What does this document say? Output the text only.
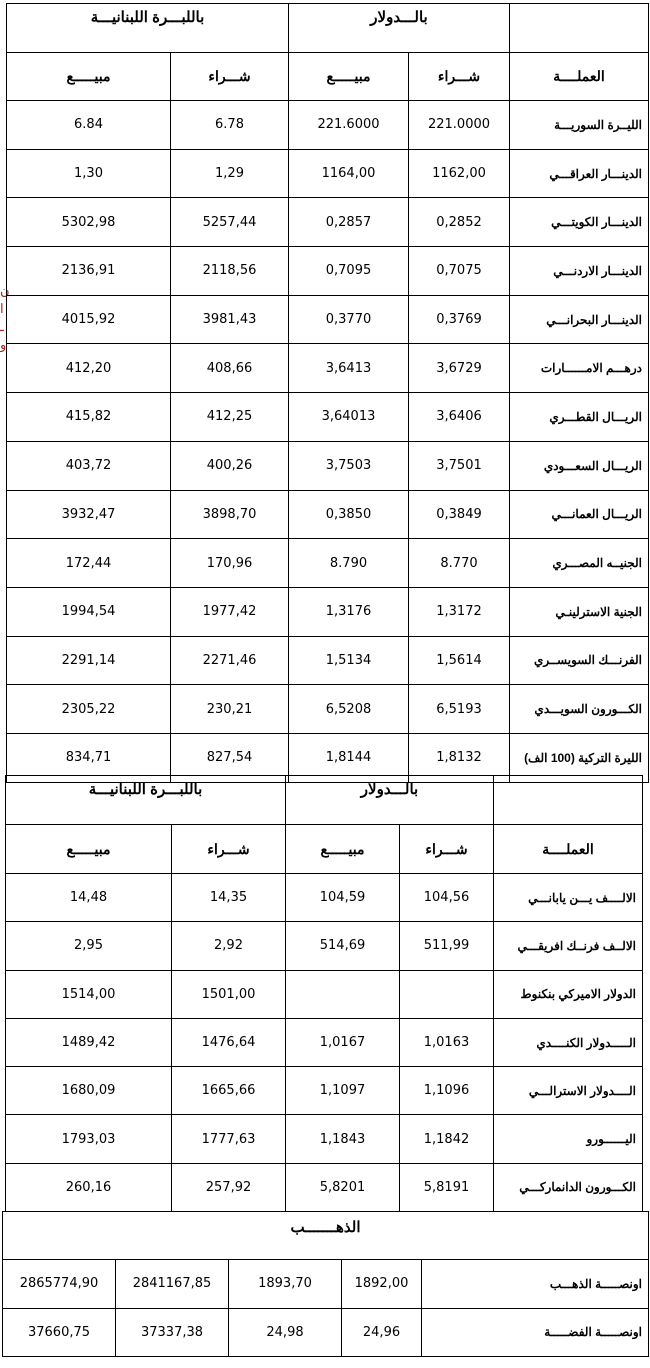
ن
ا
ـ
و
باللبـــرة اللبنانيـــة		بالـــدولار		
مبيـــــع	شـــراء	مبيـــــع	شـــراء	العملــــة
6.84	6.78	221.6000	221.0000	الليــرة السوريـــة
1,30	1,29	1164,00	1162,00	الدينـــار العراقـــي
5302,98	5257,44	0,2857	0,2852	الدينـــار الكويتـــي
2136,91	2118,56	0,7095	0,7075	الدينـــار الاردنـــي
4015,92	3981,43	0,3770	0,3769	الدينـــار البحرانـــي
412,20	408,66	3,6413	3,6729	درهـــم الامــــــارات
415,82	412,25	3,64013	3,6406	الريـــال القطـــري
403,72	400,26	3,7503	3,7501	الريـــال السعـــودي
3932,47	3898,70	0,3850	0,3849	الريـــال العمانـــي
172,44	170,96	8.790	8.770	الجنيــه المصـــري
1994,54	1977,42	1,3176	1,3172	الجنية الاسترلينـي
2291,14	2271,46	1,5134	1,5614	الفرنـــك السويســري
2305,22	230,21	6,5208	6,5193	الكـــورون السويـــدي
834,71	827,54	1,8144	1,8132	الليرة التركية (100 الف)
باللبـــرة اللبنانيـــة		بالـــدولار		
مبيـــــع	شـــراء	مبيـــــع	شـــراء	العملــــة
14,48	14,35	104,59	104,56	الالــــف يـــن يابانـــي
2,95	2,92	514,69	511,99	الالــف فرنــك افريقـــي
1514,00	1501,00			الدولار الاميركي بنكنوط
1489,42	1476,64	1,0167	1,0163	الـــــدولار الكنــــدي
1680,09	1665,66	1,1097	1,1096	الــــدولار الاسترالـــي
1793,03	1777,63	1,1843	1,1842	اليــــــورو
260,16	257,92	5,8201	5,8191	الكـــورون الدانماركـــي
الذهـــــــب				
2865774,90	2841167,85	1893,70	1892,00	اونصـــــة الذهـــب
37660,75	37337,38	24,98	24,96	اونصـــــة الفضـــــة
